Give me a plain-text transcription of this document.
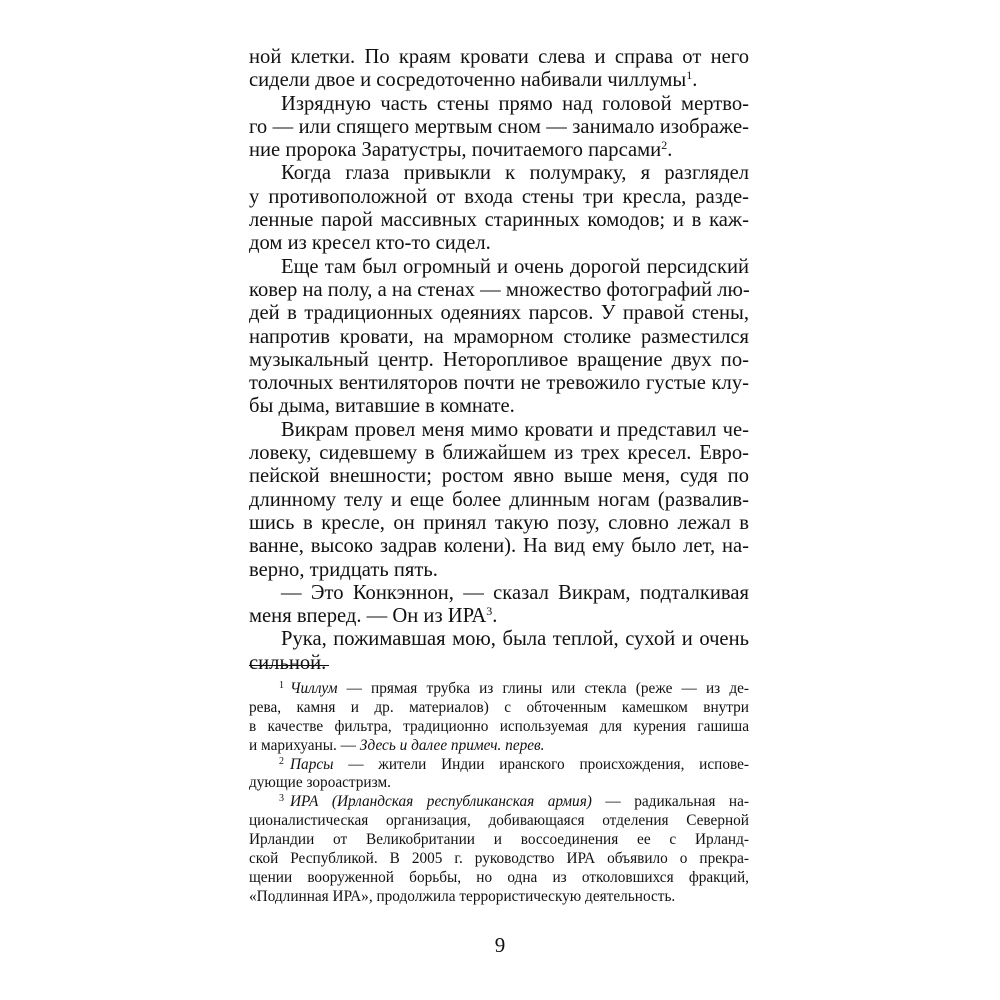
ной клетки. По краям кровати слева и справа от него
сидели двое и сосредоточенно набивали чиллумы$^1$.
Изрядную часть стены прямо над головой мертво-
го — или спящего мертвым сном — занимало изображе-
ние пророка Заратустры, почитаемого парсами$^2$.
Когда глаза привыкли к полумраку, я разглядел
у противоположной от входа стены три кресла, разде-
ленные парой массивных старинных комодов; и в каж-
дом из кресел кто-то сидел.
Еще там был огромный и очень дорогой персидский
ковер на полу, а на стенах — множество фотографий лю-
дей в традиционных одеяниях парсов. У правой стены,
напротив кровати, на мраморном столике разместился
музыкальный центр. Неторопливое вращение двух по-
толочных вентиляторов почти не тревожило густые клу-
бы дыма, витавшие в комнате.
Викрам провел меня мимо кровати и представил че-
ловеку, сидевшему в ближайшем из трех кресел. Евро-
пейской внешности; ростом явно выше меня, судя по
длинному телу и еще более длинным ногам (развалив-
шись в кресле, он принял такую позу, словно лежал в
ванне, высоко задрав колени). На вид ему было лет, на-
верно, тридцать пять.
— Это Конкэннон, — сказал Викрам, подталкивая
меня вперед. — Он из ИРА$^3$.
Рука, пожимавшая мою, была теплой, сухой и очень
сильной.
$^1$ Чиллум — прямая трубка из глины или стекла (реже — из де-
рева, камня и др. материалов) с обточенным камешком внутри
в качестве фильтра, традиционно используемая для курения гашиша
и марихуаны. — Здесь и далее примеч. перев.
$^2$ Парсы — жители Индии иранского происхождения, испове-
дующие зороастризм.
$^3$ ИРА (Ирландская республиканская армия) — радикальная на-
ционалистическая организация, добивающаяся отделения Северной
Ирландии от Великобритании и воссоединения ее с Ирланд-
ской Республикой. В 2005 г. руководство ИРА объявило о прекра-
щении вооруженной борьбы, но одна из отколовшихся фракций,
«Подлинная ИРА», продолжила террористическую деятельность.
9
